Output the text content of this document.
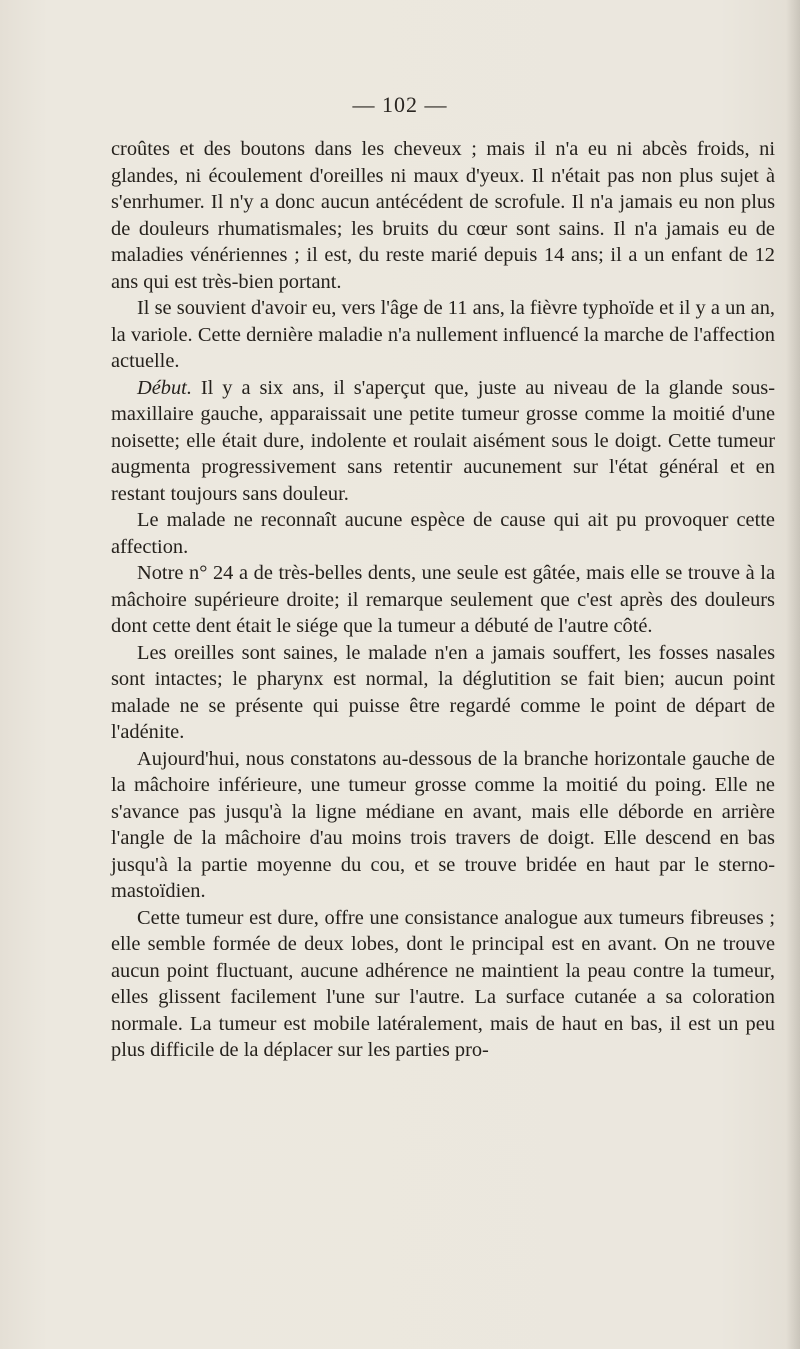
— 102 —

croûtes et des boutons dans les cheveux ; mais il n'a eu ni abcès froids, ni glandes, ni écoulement d'oreilles ni maux d'yeux. Il n'était pas non plus sujet à s'enrhumer. Il n'y a donc aucun antécédent de scrofule. Il n'a jamais eu non plus de douleurs rhumatismales; les bruits du cœur sont sains. Il n'a jamais eu de maladies vénériennes ; il est, du reste marié depuis 14 ans; il a un enfant de 12 ans qui est très-bien portant.

Il se souvient d'avoir eu, vers l'âge de 11 ans, la fièvre typhoïde et il y a un an, la variole. Cette dernière maladie n'a nullement influencé la marche de l'affection actuelle.

Début. Il y a six ans, il s'aperçut que, juste au niveau de la glande sous-maxillaire gauche, apparaissait une petite tumeur grosse comme la moitié d'une noisette; elle était dure, indolente et roulait aisément sous le doigt. Cette tumeur augmenta progressivement sans retentir aucunement sur l'état général et en restant toujours sans douleur.

Le malade ne reconnaît aucune espèce de cause qui ait pu provoquer cette affection.

Notre n° 24 a de très-belles dents, une seule est gâtée, mais elle se trouve à la mâchoire supérieure droite; il remarque seulement que c'est après des douleurs dont cette dent était le siége que la tumeur a débuté de l'autre côté.

Les oreilles sont saines, le malade n'en a jamais souffert, les fosses nasales sont intactes; le pharynx est normal, la déglutition se fait bien; aucun point malade ne se présente qui puisse être regardé comme le point de départ de l'adénite.

Aujourd'hui, nous constatons au-dessous de la branche horizontale gauche de la mâchoire inférieure, une tumeur grosse comme la moitié du poing. Elle ne s'avance pas jusqu'à la ligne médiane en avant, mais elle déborde en arrière l'angle de la mâchoire d'au moins trois travers de doigt. Elle descend en bas jusqu'à la partie moyenne du cou, et se trouve bridée en haut par le sterno-mastoïdien.

Cette tumeur est dure, offre une consistance analogue aux tumeurs fibreuses ; elle semble formée de deux lobes, dont le principal est en avant. On ne trouve aucun point fluctuant, aucune adhérence ne maintient la peau contre la tumeur, elles glissent facilement l'une sur l'autre. La surface cutanée a sa coloration normale. La tumeur est mobile latéralement, mais de haut en bas, il est un peu plus difficile de la déplacer sur les parties pro-
